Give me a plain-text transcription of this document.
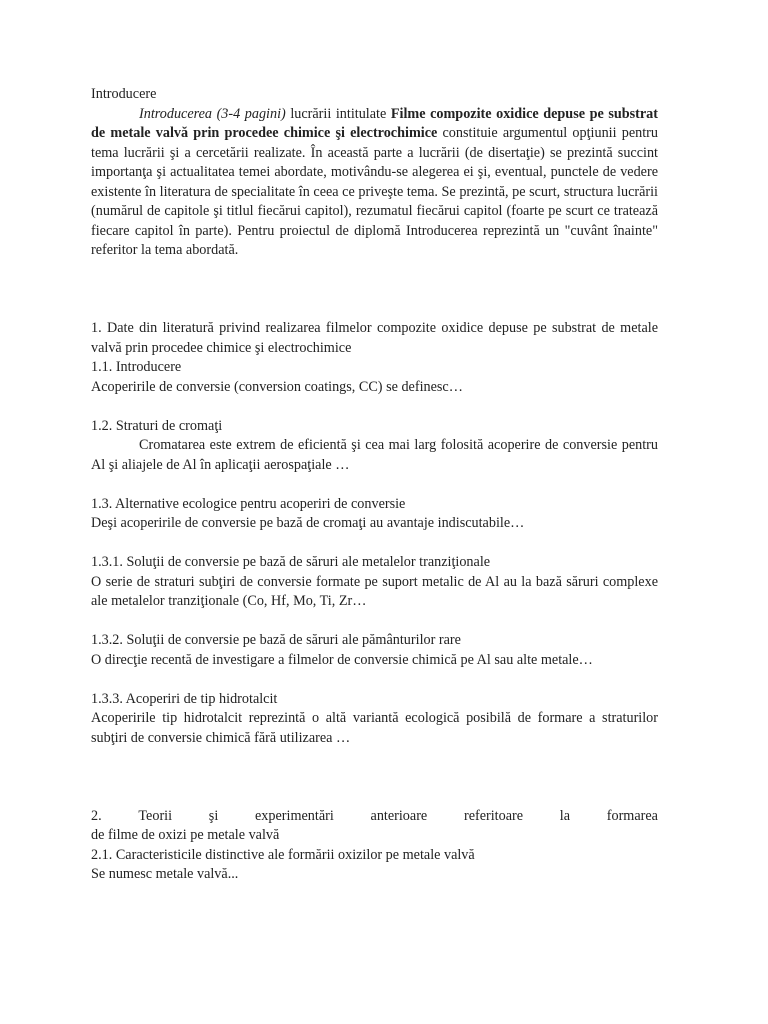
Introducere
Introducerea (3-4 pagini) lucrării intitulate Filme compozite oxidice depuse pe substrat de metale valvă prin procedee chimice şi electrochimice constituie argumentul opţiunii pentru tema lucrării şi a cercetării realizate. În această parte a lucrării (de disertaţie) se prezintă succint importanţa şi actualitatea temei abordate, motivându-se alegerea ei şi, eventual, punctele de vedere existente în literatura de specialitate în ceea ce priveşte tema. Se prezintă, pe scurt, structura lucrării (numărul de capitole şi titlul fiecărui capitol), rezumatul fiecărui capitol (foarte pe scurt ce tratează fiecare capitol în parte). Pentru proiectul de diplomă Introducerea reprezintă un "cuvânt înainte" referitor la tema abordată.
1. Date din literatură privind realizarea filmelor compozite oxidice depuse pe substrat de metale valvă prin procedee chimice şi electrochimice
1.1. Introducere
Acoperirile de conversie (conversion coatings, CC) se definesc…
1.2. Straturi de cromaţi
Cromatarea este extrem de eficientă şi cea mai larg folosită acoperire de conversie pentru Al şi aliajele de Al în aplicaţii aerospaţiale …
1.3. Alternative ecologice pentru acoperiri de conversie
Deşi acoperirile de conversie pe bază de cromaţi au avantaje indiscutabile…
1.3.1. Soluţii de conversie pe bază de săruri ale metalelor tranziţionale
O serie de straturi subţiri de conversie formate pe suport metalic de Al au la bază săruri complexe ale metalelor tranziţionale (Co, Hf, Mo, Ti, Zr…
1.3.2. Soluţii de conversie pe bază de săruri ale pământurilor rare
O direcţie recentă de investigare a filmelor de conversie chimică pe Al sau alte metale…
1.3.3. Acoperiri de tip hidrotalcit
Acoperirile tip hidrotalcit reprezintă o altă variantă ecologică posibilă de formare a straturilor subţiri de conversie chimică fără utilizarea …
2.	Teorii	şi	experimentări	anterioare	referitoare	la	formarea
de filme de oxizi pe metale valvă
2.1. Caracteristicile distinctive ale formării oxizilor pe metale valvă
Se numesc metale valvă...
